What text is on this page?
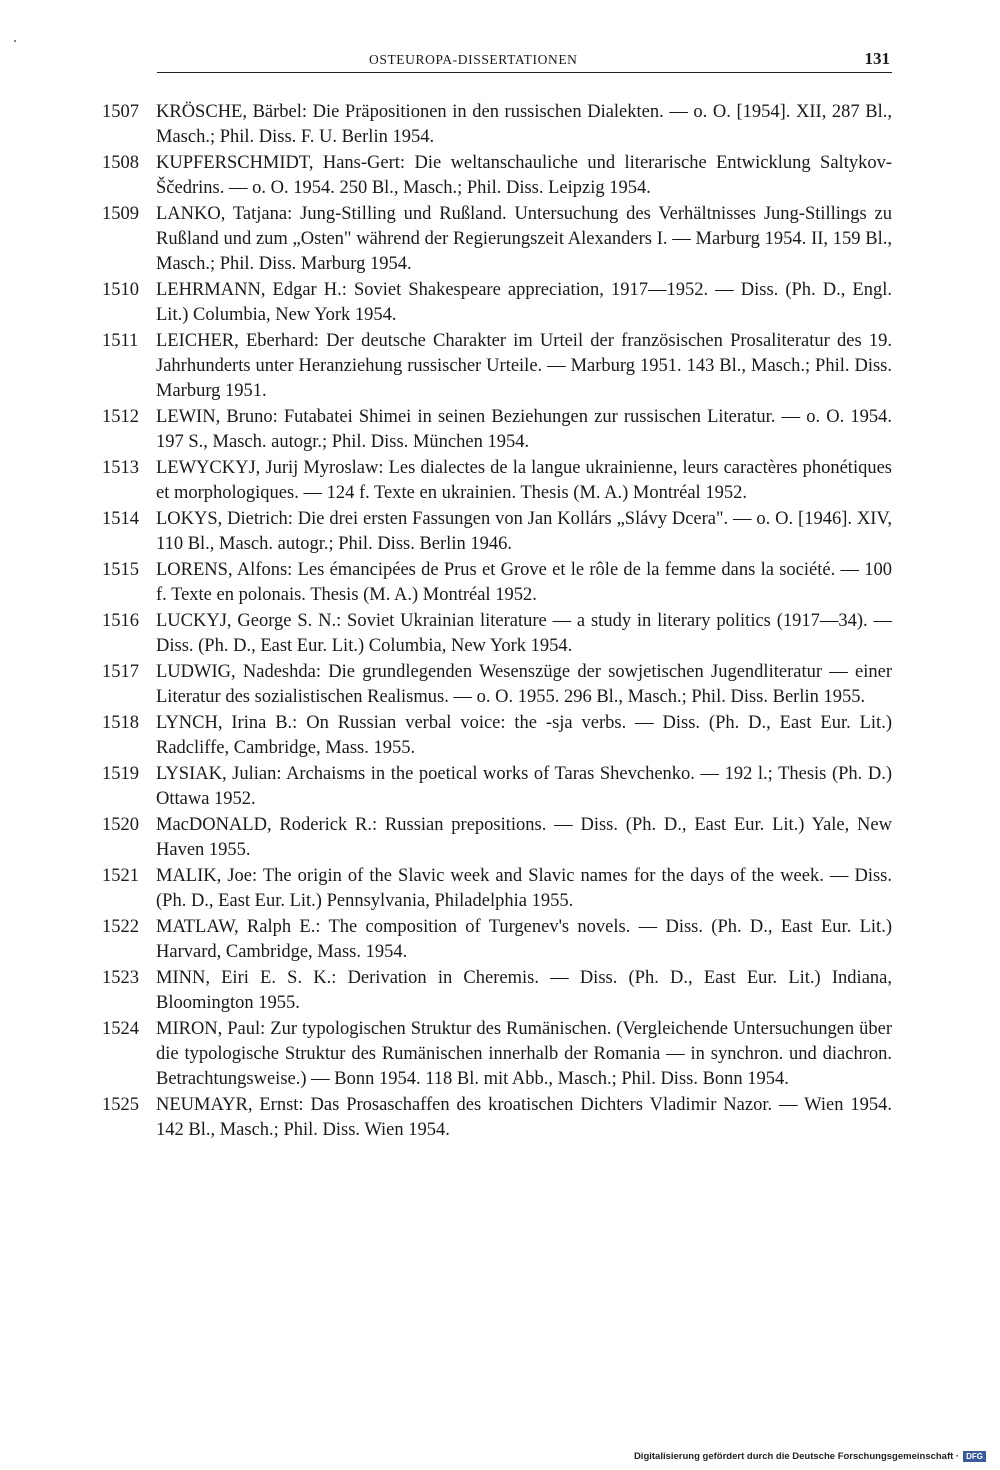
OSTEUROPA-DISSERTATIONEN	131
1507 KRÖSCHE, Bärbel: Die Präpositionen in den russischen Dialekten. — o. O. [1954]. XII, 287 Bl., Masch.; Phil. Diss. F. U. Berlin 1954.
1508 KUPFERSCHMIDT, Hans-Gert: Die weltanschauliche und literarische Entwicklung Saltykov-Ščedrins. — o. O. 1954. 250 Bl., Masch.; Phil. Diss. Leipzig 1954.
1509 LANKO, Tatjana: Jung-Stilling und Rußland. Untersuchung des Verhältnisses Jung-Stillings zu Rußland und zum „Osten" während der Regierungszeit Alexanders I. — Marburg 1954. II, 159 Bl., Masch.; Phil. Diss. Marburg 1954.
1510 LEHRMANN, Edgar H.: Soviet Shakespeare appreciation, 1917—1952. — Diss. (Ph. D., Engl. Lit.) Columbia, New York 1954.
1511 LEICHER, Eberhard: Der deutsche Charakter im Urteil der französischen Prosaliteratur des 19. Jahrhunderts unter Heranziehung russischer Urteile. — Marburg 1951. 143 Bl., Masch.; Phil. Diss. Marburg 1951.
1512 LEWIN, Bruno: Futabatei Shimei in seinen Beziehungen zur russischen Literatur. — o. O. 1954. 197 S., Masch. autogr.; Phil. Diss. München 1954.
1513 LEWYCKYJ, Jurij Myroslaw: Les dialectes de la langue ukrainienne, leurs caractères phonétiques et morphologiques. — 124 f. Texte en ukrainien. Thesis (M. A.) Montréal 1952.
1514 LOKYS, Dietrich: Die drei ersten Fassungen von Jan Kollárs „Slávy Dcera". — o. O. [1946]. XIV, 110 Bl., Masch. autogr.; Phil. Diss. Berlin 1946.
1515 LORENS, Alfons: Les émancipées de Prus et Grove et le rôle de la femme dans la société. — 100 f. Texte en polonais. Thesis (M. A.) Montréal 1952.
1516 LUCKYJ, George S. N.: Soviet Ukrainian literature — a study in literary politics (1917—34). — Diss. (Ph. D., East Eur. Lit.) Columbia, New York 1954.
1517 LUDWIG, Nadeshda: Die grundlegenden Wesenszüge der sowjetischen Jugendliteratur — einer Literatur des sozialistischen Realismus. — o. O. 1955. 296 Bl., Masch.; Phil. Diss. Berlin 1955.
1518 LYNCH, Irina B.: On Russian verbal voice: the -sja verbs. — Diss. (Ph. D., East Eur. Lit.) Radcliffe, Cambridge, Mass. 1955.
1519 LYSIAK, Julian: Archaisms in the poetical works of Taras Shevchenko. — 192 l.; Thesis (Ph. D.) Ottawa 1952.
1520 MacDONALD, Roderick R.: Russian prepositions. — Diss. (Ph. D., East Eur. Lit.) Yale, New Haven 1955.
1521 MALIK, Joe: The origin of the Slavic week and Slavic names for the days of the week. — Diss. (Ph. D., East Eur. Lit.) Pennsylvania, Philadelphia 1955.
1522 MATLAW, Ralph E.: The composition of Turgenev's novels. — Diss. (Ph. D., East Eur. Lit.) Harvard, Cambridge, Mass. 1954.
1523 MINN, Eiri E. S. K.: Derivation in Cheremis. — Diss. (Ph. D., East Eur. Lit.) Indiana, Bloomington 1955.
1524 MIRON, Paul: Zur typologischen Struktur des Rumänischen. (Vergleichende Untersuchungen über die typologische Struktur des Rumänischen innerhalb der Romania — in synchron. und diachron. Betrachtungsweise.) — Bonn 1954. 118 Bl. mit Abb., Masch.; Phil. Diss. Bonn 1954.
1525 NEUMAYR, Ernst: Das Prosaschaffen des kroatischen Dichters Vladimir Nazor. — Wien 1954. 142 Bl., Masch.; Phil. Diss. Wien 1954.
Digitalisierung gefördert durch die Deutsche Forschungsgemeinschaft · DFG
